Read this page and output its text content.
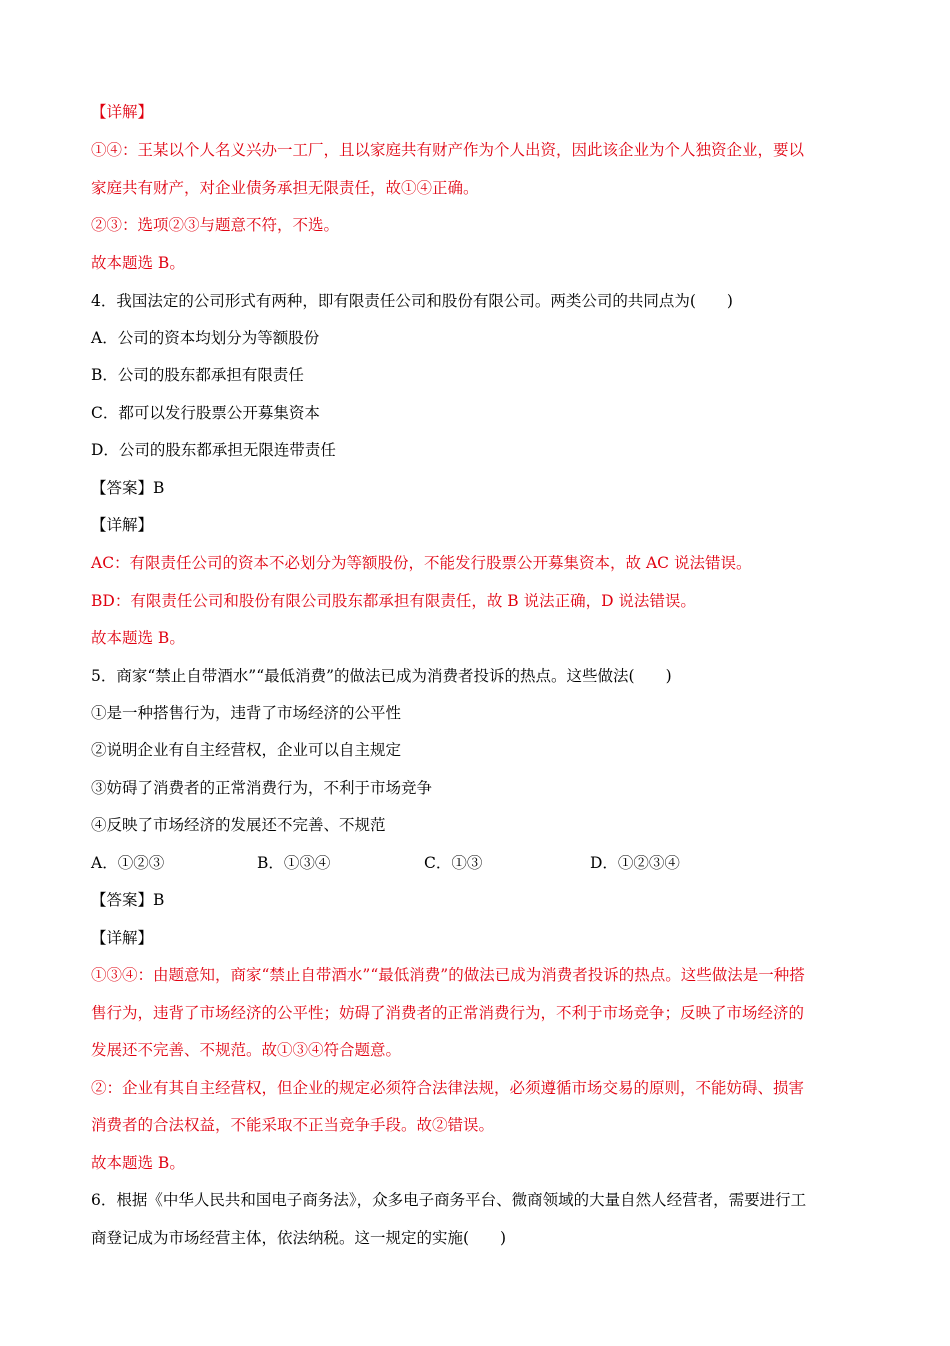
【详解】
①④：王某以个人名义兴办一工厂，且以家庭共有财产作为个人出资，因此该企业为个人独资企业，要以
家庭共有财产，对企业债务承担无限责任，故①④正确。
②③：选项②③与题意不符，不选。
故本题选 B。
4．我国法定的公司形式有两种，即有限责任公司和股份有限公司。两类公司的共同点为(　　)
A．公司的资本均划分为等额股份
B．公司的股东都承担有限责任
C．都可以发行股票公开募集资本
D．公司的股东都承担无限连带责任
【答案】B
【详解】
AC：有限责任公司的资本不必划分为等额股份，不能发行股票公开募集资本，故 AC 说法错误。
BD：有限责任公司和股份有限公司股东都承担有限责任，故 B 说法正确，D 说法错误。
故本题选 B。
5．商家“禁止自带酒水”“最低消费”的做法已成为消费者投诉的热点。这些做法(　　)
①是一种搭售行为，违背了市场经济的公平性
②说明企业有自主经营权，企业可以自主规定
③妨碍了消费者的正常消费行为，不利于市场竞争
④反映了市场经济的发展还不完善、不规范
A．①②③	B．①③④	C．①③	D．①②③④
【答案】B
【详解】
①③④：由题意知，商家“禁止自带酒水”“最低消费”的做法已成为消费者投诉的热点。这些做法是一种搭
售行为，违背了市场经济的公平性；妨碍了消费者的正常消费行为，不利于市场竞争；反映了市场经济的
发展还不完善、不规范。故①③④符合题意。
②：企业有其自主经营权，但企业的规定必须符合法律法规，必须遵循市场交易的原则，不能妨碍、损害
消费者的合法权益，不能采取不正当竞争手段。故②错误。
故本题选 B。
6．根据《中华人民共和国电子商务法》，众多电子商务平台、微商领域的大量自然人经营者，需要进行工
商登记成为市场经营主体，依法纳税。这一规定的实施(　　)
